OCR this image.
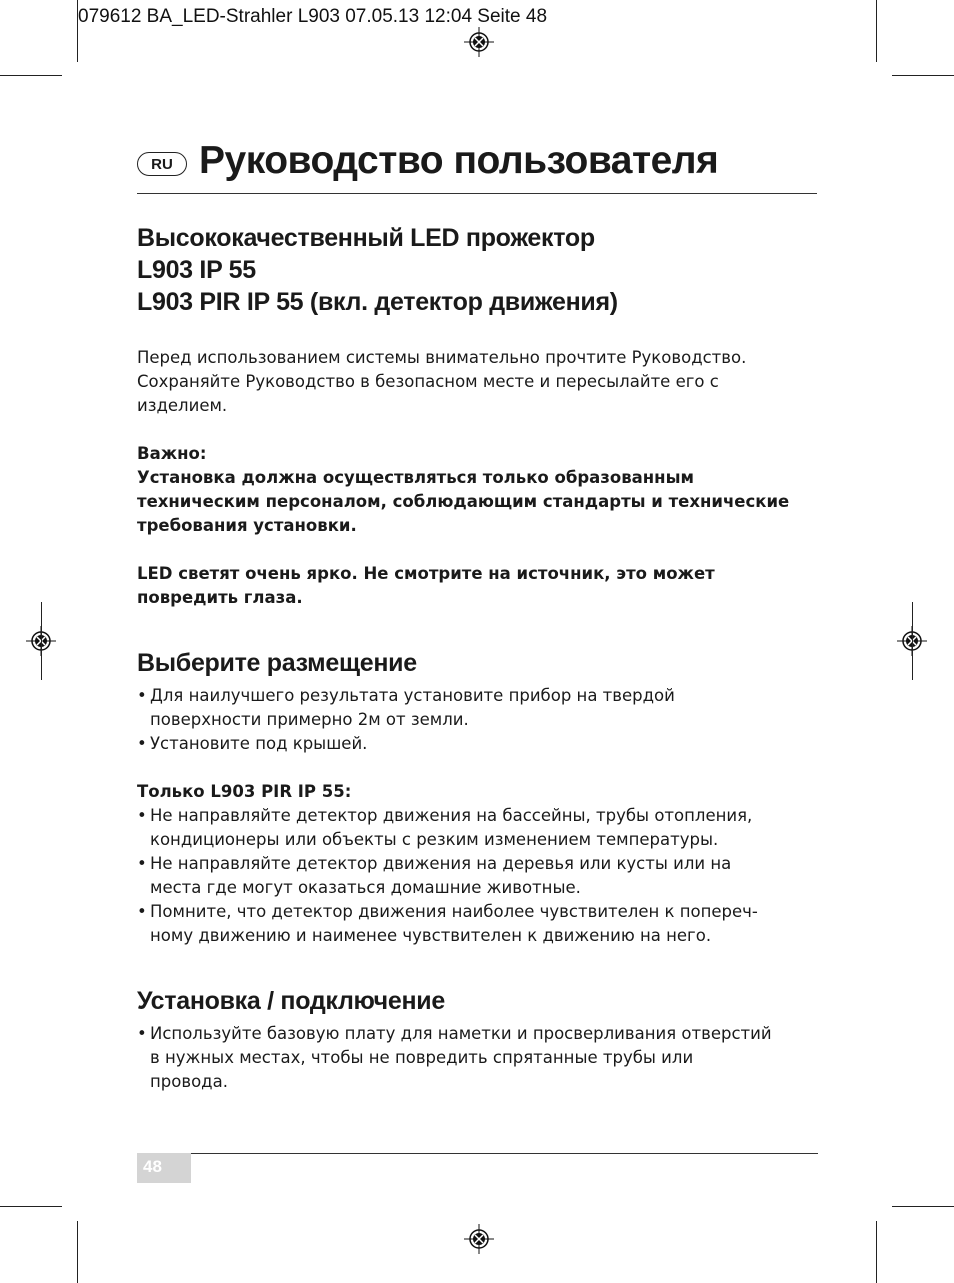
079612 BA_LED-Strahler L903 07.05.13 12:04 Seite 48
RU Руководство пользователя
Высококачественный LED прожектор
L903 IP 55
L903 PIR IP 55 (вкл. детектор движения)
Перед использованием системы внимательно прочтите Руководство.
Сохраняйте Руководство в безопасном месте и пересылайте его с
изделием.
Важно:
Установка должна осуществляться только образованным
техническим персоналом, соблюдающим стандарты и технические
требования установки.
LED светят очень ярко. Не смотрите на источник, это может
повредить глаза.
Выберите размещение
• Для наилучшего результата установите прибор на твердой
поверхности примерно 2м от земли.
• Установите под крышей.
Только L903 PIR IP 55:
• Не направляйте детектор движения на бассейны, трубы отопления,
кондиционеры или объекты с резким изменением температуры.
• Не направляйте детектор движения на деревья или кусты или на
места где могут оказаться домашние животные.
• Помните, что детектор движения наиболее чувствителен к попереч-
ному движению и наименее чувствителен к движению на него.
Установка / подключение
• Используйте базовую плату для наметки и просверливания отверстий
в нужных местах, чтобы не повредить спрятанные трубы или
провода.
48
